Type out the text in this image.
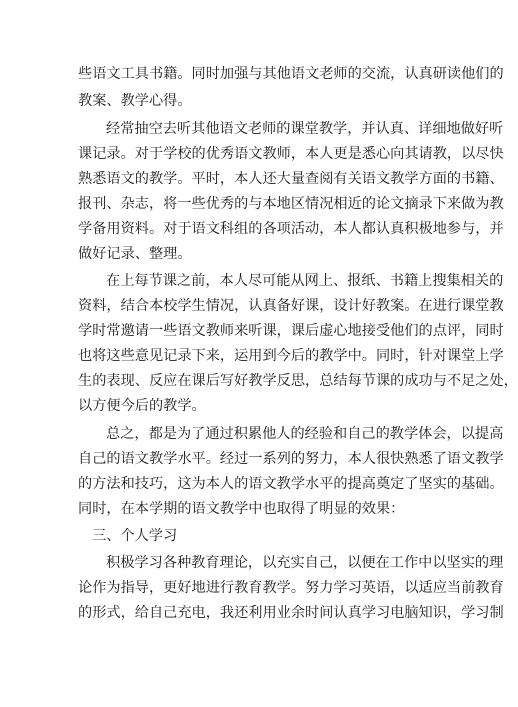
些语文工具书籍。同时加强与其他语文老师的交流，认真研读他们的
教案、教学心得。
经常抽空去听其他语文老师的课堂教学，并认真、详细地做好听
课记录。对于学校的优秀语文教师，本人更是悉心向其请教，以尽快
熟悉语文的教学。平时，本人还大量查阅有关语文教学方面的书籍、
报刊、杂志，将一些优秀的与本地区情况相近的论文摘录下来做为教
学备用资料。对于语文科组的各项活动，本人都认真积极地参与，并
做好记录、整理。
在上每节课之前，本人尽可能从网上、报纸、书籍上搜集相关的
资料，结合本校学生情况，认真备好课，设计好教案。在进行课堂教
学时常邀请一些语文教师来听课，课后虚心地接受他们的点评，同时
也将这些意见记录下来，运用到今后的教学中。同时，针对课堂上学
生的表现、反应在课后写好教学反思，总结每节课的成功与不足之处，
以方便今后的教学。
总之，都是为了通过积累他人的经验和自己的教学体会，以提高
自己的语文教学水平。经过一系列的努力，本人很快熟悉了语文教学
的方法和技巧，这为本人的语文教学水平的提高奠定了坚实的基础。
同时，在本学期的语文教学中也取得了明显的效果：
三、个人学习
积极学习各种教育理论，以充实自己，以便在工作中以坚实的理
论作为指导，更好地进行教育教学。努力学习英语，以适应当前教育
的形式，给自己充电，我还利用业余时间认真学习电脑知识，学习制
